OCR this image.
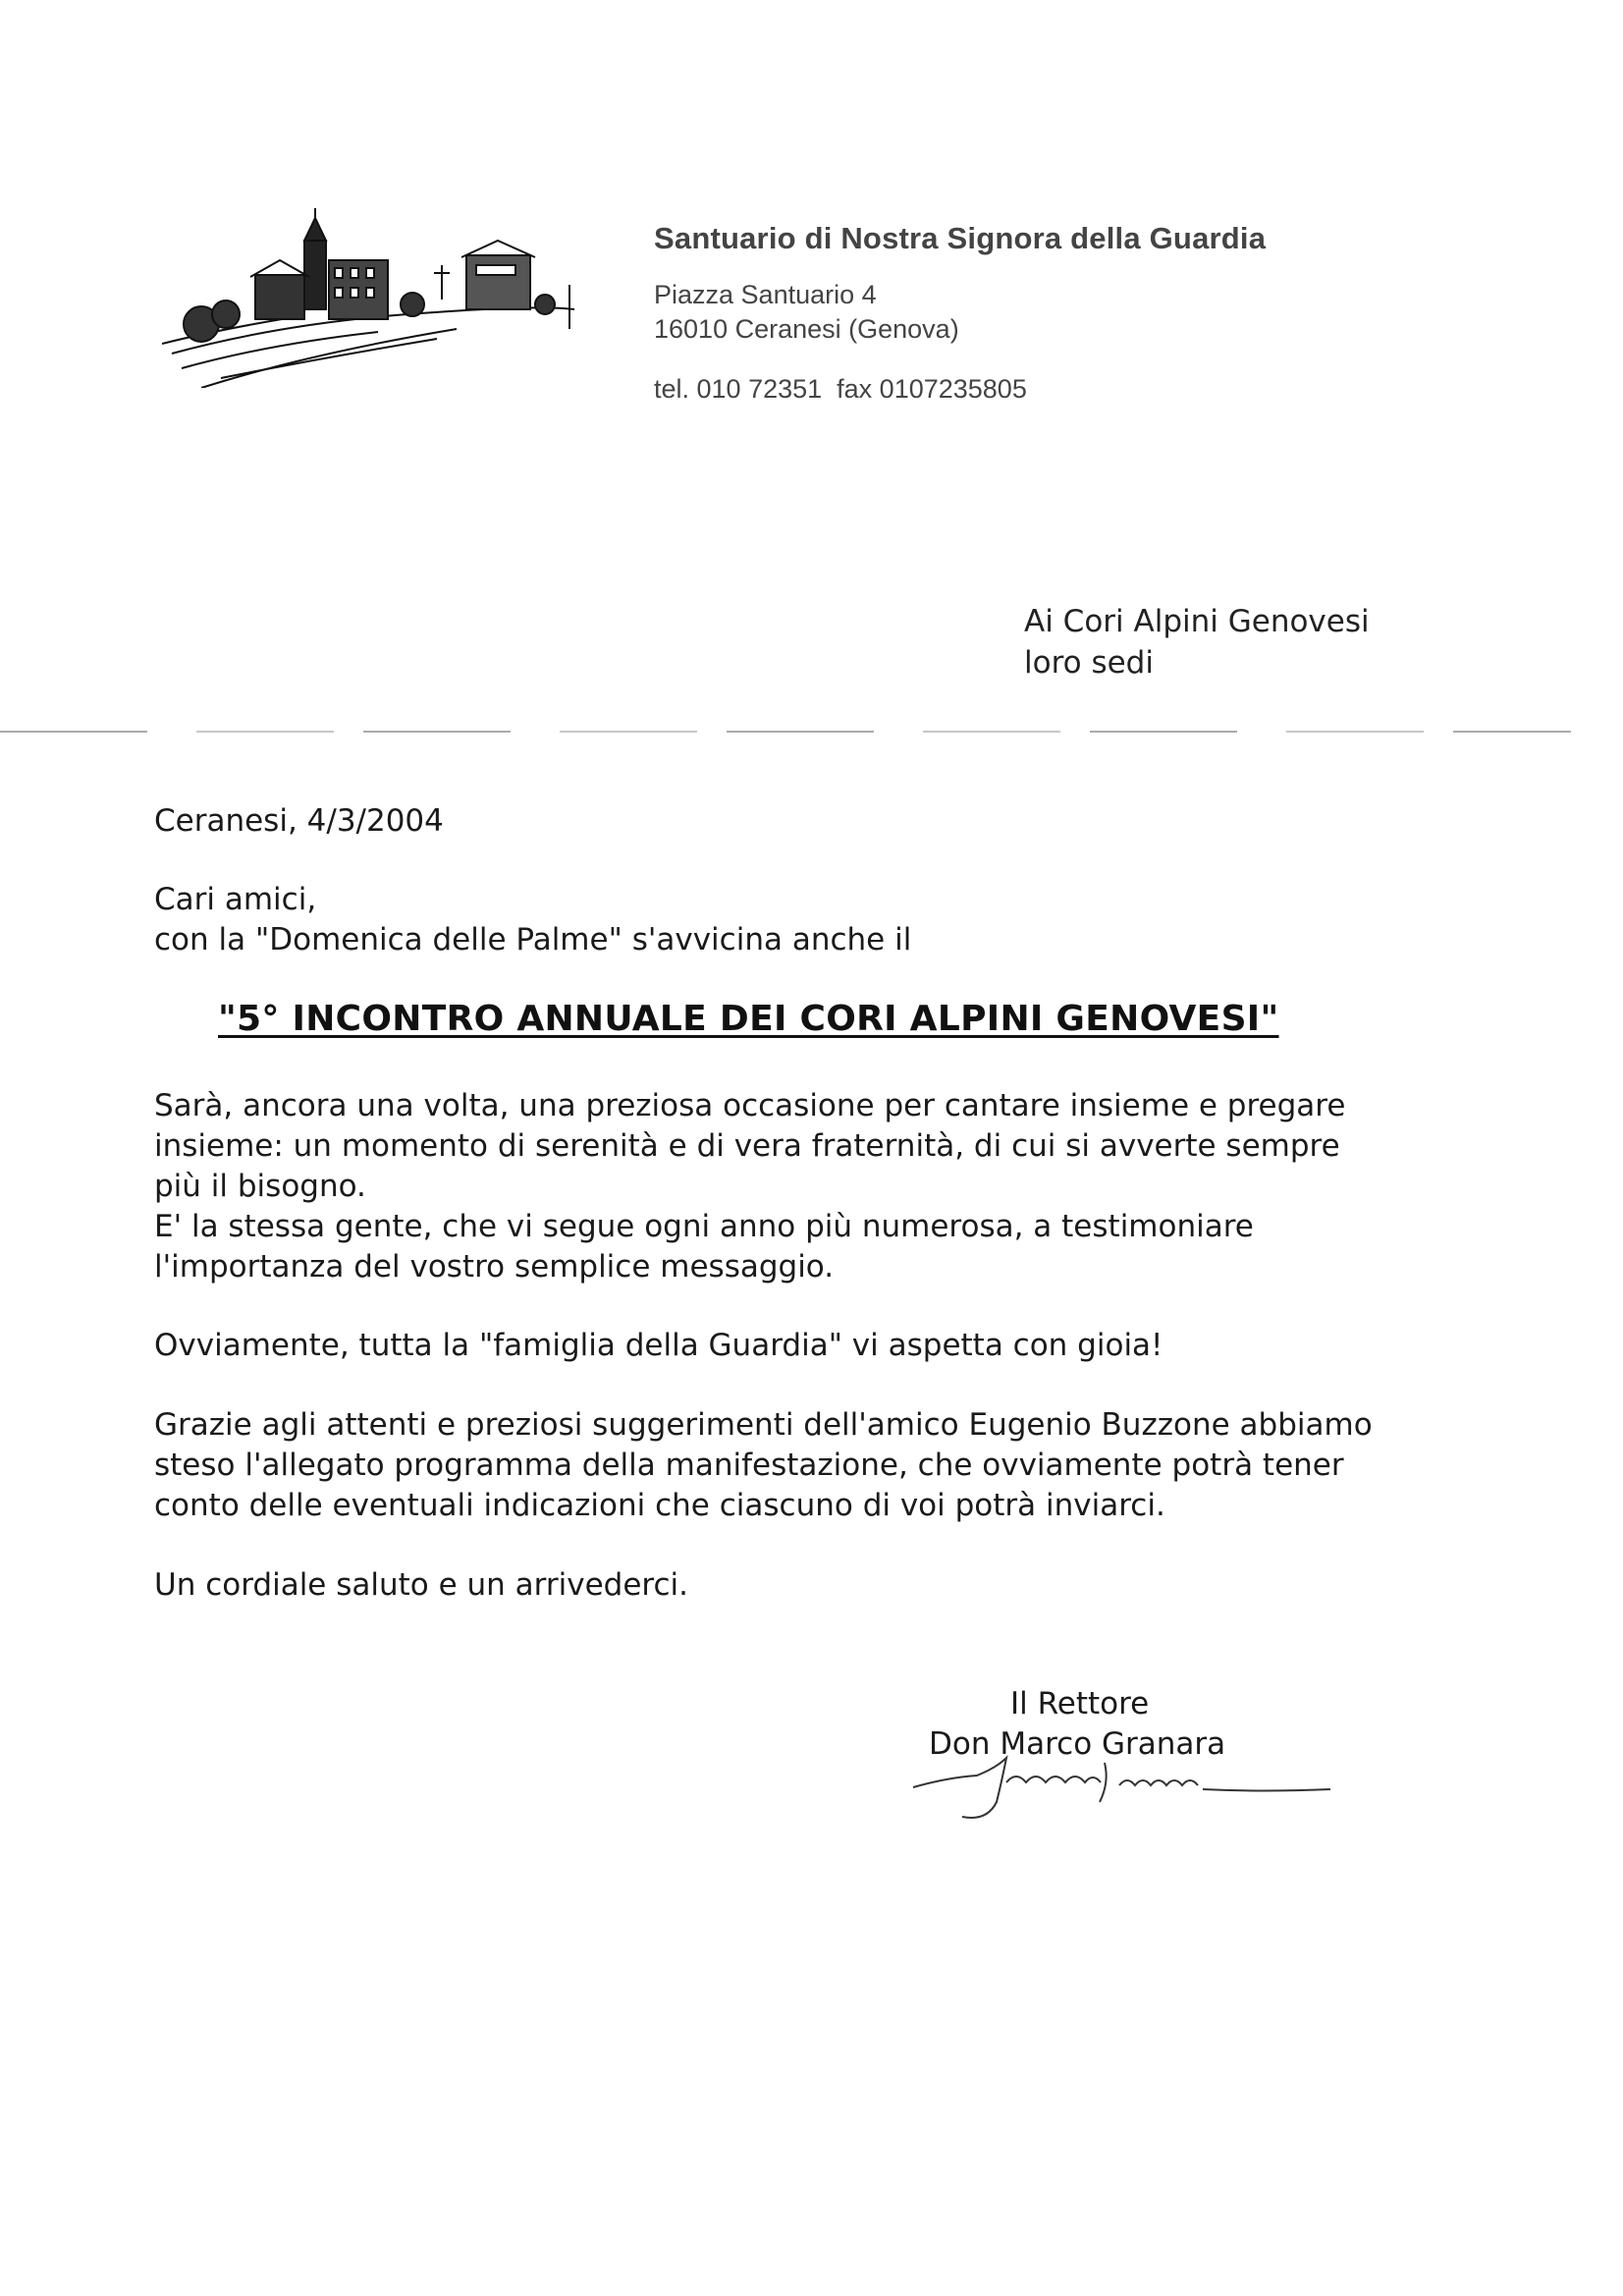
Santuario di Nostra Signora della Guardia
Piazza Santuario 4
16010 Ceranesi (Genova)
tel. 010 72351  fax 0107235805
Ai Cori Alpini Genovesi
loro sedi
Ceranesi, 4/3/2004
Cari amici,
con la "Domenica delle Palme" s'avvicina anche il
"5° INCONTRO ANNUALE DEI CORI ALPINI GENOVESI"
Sarà, ancora una volta, una preziosa occasione per cantare insieme e pregare
insieme: un momento di serenità e di vera fraternità, di cui si avverte sempre
più il bisogno.
E' la stessa gente, che vi segue ogni anno più numerosa, a testimoniare
l'importanza del vostro semplice messaggio.
Ovviamente, tutta la "famiglia della Guardia" vi aspetta con gioia!
Grazie agli attenti e preziosi suggerimenti dell'amico Eugenio Buzzone abbiamo
steso l'allegato programma della manifestazione, che ovviamente potrà tener
conto delle eventuali indicazioni che ciascuno di voi potrà inviarci.
Un cordiale saluto e un arrivederci.
Il Rettore
Don Marco Granara
